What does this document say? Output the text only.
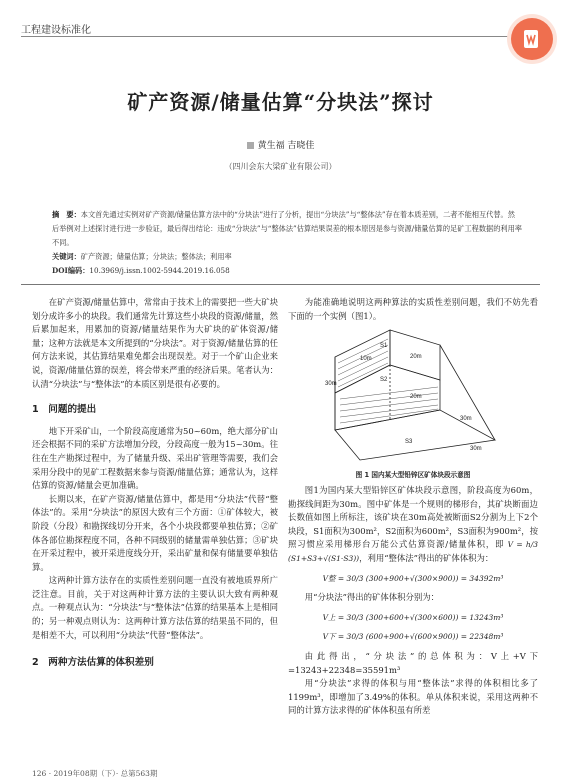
工程建设标准化
矿产资源/储量估算“分块法”探讨
黄生福 吉晓佳
（四川会东大梁矿业有限公司）
摘　要：本文首先通过实例对矿产资源/储量估算方法中的“分块法”进行了分析，提出“分块法”与“整体法”存在着本质差别，二者不能相互代替。然后举例对上述探讨进行进一步验证，最后得出结论：违成“分块法”与“整体法”估算结果误差的根本原因是参与资源/储量估算的足矿工程数据的利用率不同。
关键词：矿产资源；储量估算；分块法；整体法；利用率
DOI编码：10.3969/j.issn.1002-5944.2019.16.058

在矿产资源/储量估算中，常常由于技术上的需要把一些大矿块划分成许多小的块段。我们通常先计算这些小块段的资源/储量，然后累加起来，用累加的资源/储量结果作为大矿块的矿体资源/储量；这种方法就是本文所提到的“分块法”。对于资源/储量估算的任何方法来说，其估算结果难免都会出现误差。对于一个矿山企业来说，资源/储量估算的误差，将会带来严重的经济后果。笔者认为：认清“分块法”与“整体法”的本质区别是很有必要的。

1　问题的提出

地下开采矿山，一个阶段高度通常为50~60m，绝大部分矿山还会根据不同的采矿方法增加分段，分段高度一般为15~30m。往往在生产勘探过程中，为了储量升级、采出矿管理等需要，我们会采用分段中的见矿工程数据来参与资源/储量估算；通常认为，这样估算的资源/储量会更加准确。

长期以来，在矿产资源/储量估算中，都是用“分块法”代替“整体法”的。采用“分块法”的原因大致有三个方面：①矿体较大，被阶段（分段）和勘探线切分开来，各个小块段都要单独估算；②矿体各部位勘探程度不同，各种不同级别的储量需单独估算；③矿块在开采过程中，被开采进度线分开，采出矿量和保有储量要单独估算。

这两种计算方法存在的实质性差别问题一直没有被地质界所广泛注意。目前，关于对这两种计算方法的主要认识大致有两种观点。一种观点认为：“分块法”与“整体法”估算的结果基本上是相同的；另一种观点则认为：这两种计算方法估算的结果虽不同的，但是相差不大，可以利用“分块法”代替“整体法”。

2　两种方法估算的体积差别

为能准确地说明这两种算法的实质性差别问题，我们不妨先看下面的一个实例（图1）。

S1
S2
S3
10m	20m
20m
30m
30m
30m
图 1 国内某大型铅锌区矿体块段示意图

图1为国内某大型铅锌区矿体块段示意图，阶段高度为60m，勘探线间距为30m。图中矿体是一个规则的梯形台，其矿块断面边长数值如图上所标注，该矿块在30m高处被断面S2分割为上下2个块段，S1面积为300m²，S2面积为600m²，S3面积为900m²，按照习惯应采用梯形台万能公式估算资源/储量体积，即 V = h/3 (S1+S3+√(S1·S3))，利用“整体法”得出的矿体体积为：

V整 = 30/3 (300+900+√(300×900)) = 34392m³

用“分块法”得出的矿体体积分别为：

V上 = 30/3 (300+600+√(300×600)) = 13243m³
V下 = 30/3 (600+900+√(600×900)) = 22348m³

由此得出，“分块法”的总体积为：V上+V下=13243+22348=35591m³

用“分块法”求得的体积与用“整体法”求得的体积相比多了1199m³，即增加了3.49%的体积。单从体积来说，采用这两种不同的计算方法求得的矿体体积虽有所差

126 · 2019年08期（下）· 总第563期
